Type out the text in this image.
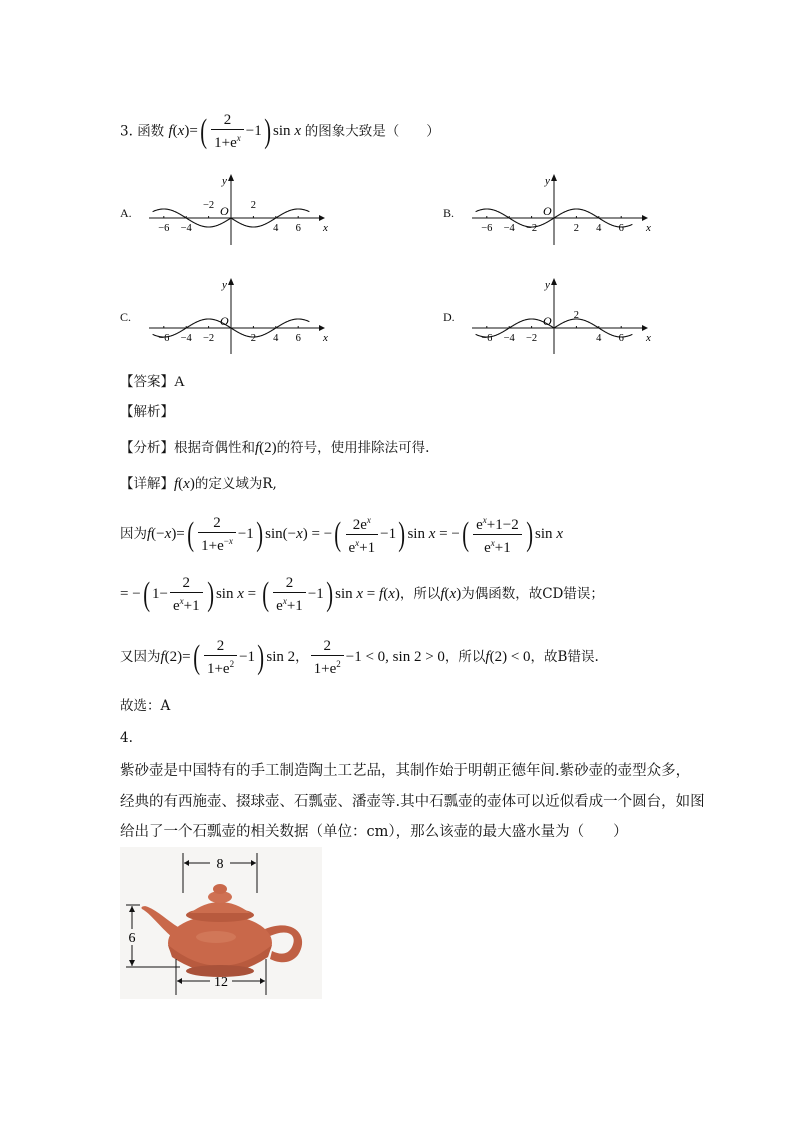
3. 函数 $f(x)=( \frac{2}{1+e^x} -1)$ sin x 的图象大致是（　　）
A.	B.
C.	D.
y
x
O
−6 −4
−2	2
4 6
y
x
O
−6 −4 −2	2 4 6
y
x
O
−6 −4 −2	2 4 6
y
x
O
−6 −4 −2
2
4 6
【答案】A
【解析】
【分析】根据奇偶性和f(2)的符号，使用排除法可得.
【详解】f(x)的定义域为R,
因为$f(-x)=( \frac{2}{1+e^{-x}} -1)$ sin(−x) = −( $\frac{2e^x}{e^x+1} -1$) sin x = −( $\frac{e^x+1-2}{e^x+1}$ ) sin x
= −( $1- \frac{2}{e^x+1}$ ) sin x = ( $\frac{2}{e^x+1} -1$) sin x = f(x)，所以f(x)为偶函数，故CD错误；
又因为$f(2)=( \frac{2}{1+e^2} -1)$ sin 2， $\frac{2}{1+e^2} -1 < 0$, sin 2 > 0，所以f(2) < 0，故B错误.
故选：A
4.
紫砂壶是中国特有的手工制造陶土工艺品，其制作始于明朝正德年间.紫砂壶的壶型众多，
经典的有西施壶、掇球壶、石瓢壶、潘壶等.其中石瓢壶的壶体可以近似看成一个圆台，如图
给出了一个石瓢壶的相关数据（单位：cm），那么该壶的最大盛水量为（　　）
8
6
12
